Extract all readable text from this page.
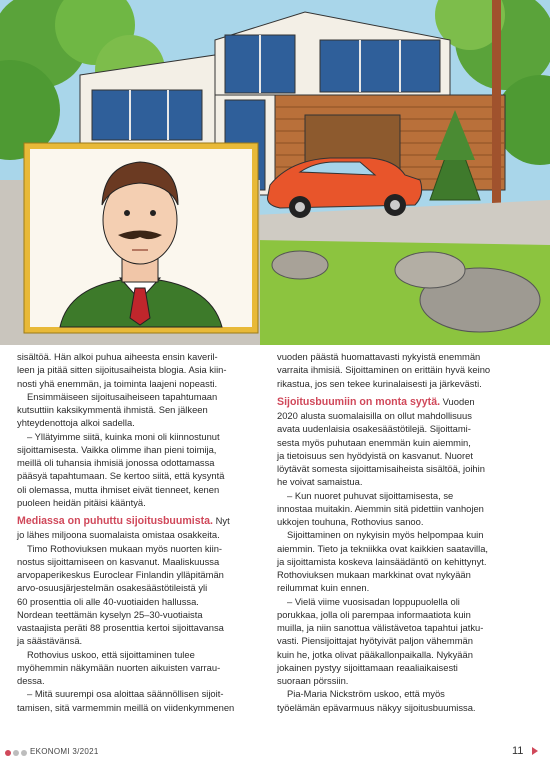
sisältöä. Hän alkoi puhua aiheesta ensin kaveril-

leen ja pitää sitten sijoitusaiheista blogia. Asia kiin-

nosti yhä enemmän, ja toiminta laajeni nopeasti.

Ensimmäiseen sijoitusaiheiseen tapahtumaan

kutsuttiin kaksikymmentä ihmistä. Sen jälkeen

yhteydenottoja alkoi sadella.

– Yllätyimme siitä, kuinka moni oli kiinnostunut

sijoittamisesta. Vaikka olimme ihan pieni toimija,

meillä oli tuhansia ihmisiä jonossa odottamassa

pääsyä tapahtumaan. Se kertoo siitä, että kysyntä

oli olemassa, mutta ihmiset eivät tienneet, kenen

puoleen heidän pitäisi kääntyä.

Mediassa on puhuttu sijoitusbuumista. Nyt

jo lähes miljoona suomalaista omistaa osakkeita.

Timo Rothoviuksen mukaan myös nuorten kiin-

nostus sijoittamiseen on kasvanut. Maaliskuussa

arvopaperikeskus Euroclear Finlandin ylläpitämän

arvo-osuusjärjestelmän osakesäästötileistä yli

60 prosenttia oli alle 40-vuotiaiden hallussa.

Nordean teettämän kyselyn 25–30-vuotiaista

vastaajista peräti 88 prosenttia kertoi sijoittavansa

ja säästävänsä.

Rothovius uskoo, että sijoittaminen tulee

myöhemmin näkymään nuorten aikuisten varrau-

dessa.

– Mitä suurempi osa aloittaa säännöllisen sijoit-

tamisen, sitä varmemmin meillä on viidenkymmenen

vuoden päästä huomattavasti nykyistä enemmän

varraita ihmisiä. Sijoittaminen on erittäin hyvä keino

rikastua, jos sen tekee kurinalaisesti ja järkevästi.

Sijoitusbuumiin on monta syytä. Vuoden

2020 alusta suomalaisilla on ollut mahdollisuus

avata uudenlaisia osakesäästötilejä. Sijoittami-

sesta myös puhutaan enemmän kuin aiemmin,

ja tietoisuus sen hyödyistä on kasvanut. Nuoret

löytävät somesta sijoittamisaiheista sisältöä, joihin

he voivat samaistua.

– Kun nuoret puhuvat sijoittamisesta, se

innostaa muitakin. Aiemmin sitä pidettiin vanhojen

ukkojen touhuna, Rothovius sanoo.

Sijoittaminen on nykyisin myös helpompaa kuin

aiemmin. Tieto ja tekniikka ovat kaikkien saatavilla,

ja sijoittamista koskeva lainsäädäntö on kehittynyt.

Rothoviuksen mukaan markkinat ovat nykyään

reilummat kuin ennen.

– Vielä viime vuosisadan loppupuolella oli

porukkaa, jolla oli parempaa informaatiota kuin

muilla, ja niin sanottua välistävetoa tapahtui jatku-

vasti. Piensijoittajat hyötyivät paljon vähemmän

kuin he, jotka olivat pääkallonpaikalla. Nykyään

jokainen pystyy sijoittamaan reaaliaikaisesti

suoraan pörssiin.

Pia-Maria Nickström uskoo, että myös

työelämän epävarmuus näkyy sijoitusbuumissa.

EKONOMI 3/2021	11
